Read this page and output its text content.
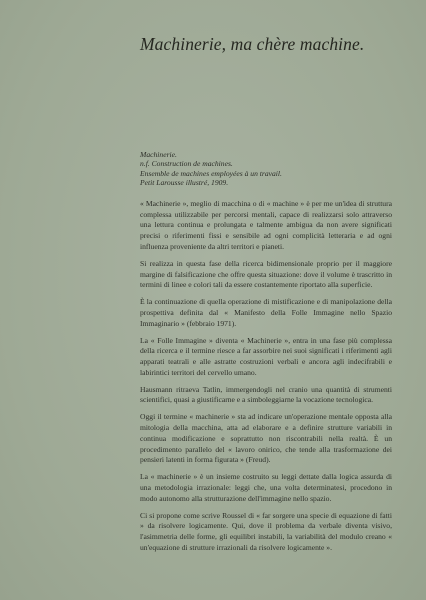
Machinerie, ma chère machine.
Machinerie.
n.f. Construction de machines.
Ensemble de machines employées à un travail.
Petit Larousse illustré, 1909.

« Machinerie », meglio di macchina o di « machine » è per me un'idea di struttura complessa utilizzabile per percorsi mentali, capace di realizzarsi solo attraverso una lettura continua e prolungata e talmente ambigua da non avere significati precisi o riferimenti fissi e sensibile ad ogni complicità letteraria e ad ogni influenza proveniente da altri territori e pianeti.

Si realizza in questa fase della ricerca bidimensionale proprio per il maggiore margine di falsificazione che offre questa situazione: dove il volume è trascritto in termini di linee e colori tali da essere costantemente riportato alla superficie.

È la continuazione di quella operazione di mistificazione e di manipolazione della prospettiva definita dal « Manifesto della Folle Immagine nello Spazio Immaginario » (febbraio 1971).

La « Folle Immagine » diventa « Machinerie », entra in una fase più complessa della ricerca e il termine riesce a far assorbire nei suoi significati i riferimenti agli apparati teatrali e alle astratte costruzioni verbali e ancora agli indecifrabili e labirintici territori del cervello umano.

Hausmann ritraeva Tatlin, immergendogli nel cranio una quantità di strumenti scientifici, quasi a giustificarne e a simboleggiarne la vocazione tecnologica.

Oggi il termine « machinerie » sta ad indicare un'operazione mentale opposta alla mitologia della macchina, atta ad elaborare e a definire strutture variabili in continua modificazione e soprattutto non riscontrabili nella realtà. È un procedimento parallelo del « lavoro onirico, che tende alla trasformazione dei pensieri latenti in forma figurata » (Freud).

La « machinerie » è un insieme costruito su leggi dettate dalla logica assurda di una metodologia irrazionale: leggi che, una volta determinatesi, procedono in modo autonomo alla strutturazione dell'immagine nello spazio.

Ci si propone come scrive Roussel di « far sorgere una specie di equazione di fatti » da risolvere logicamente. Qui, dove il problema da verbale diventa visivo, l'asimmetria delle forme, gli equilibri instabili, la variabilità del modulo creano « un'equazione di strutture irrazionali da risolvere logicamente ».
